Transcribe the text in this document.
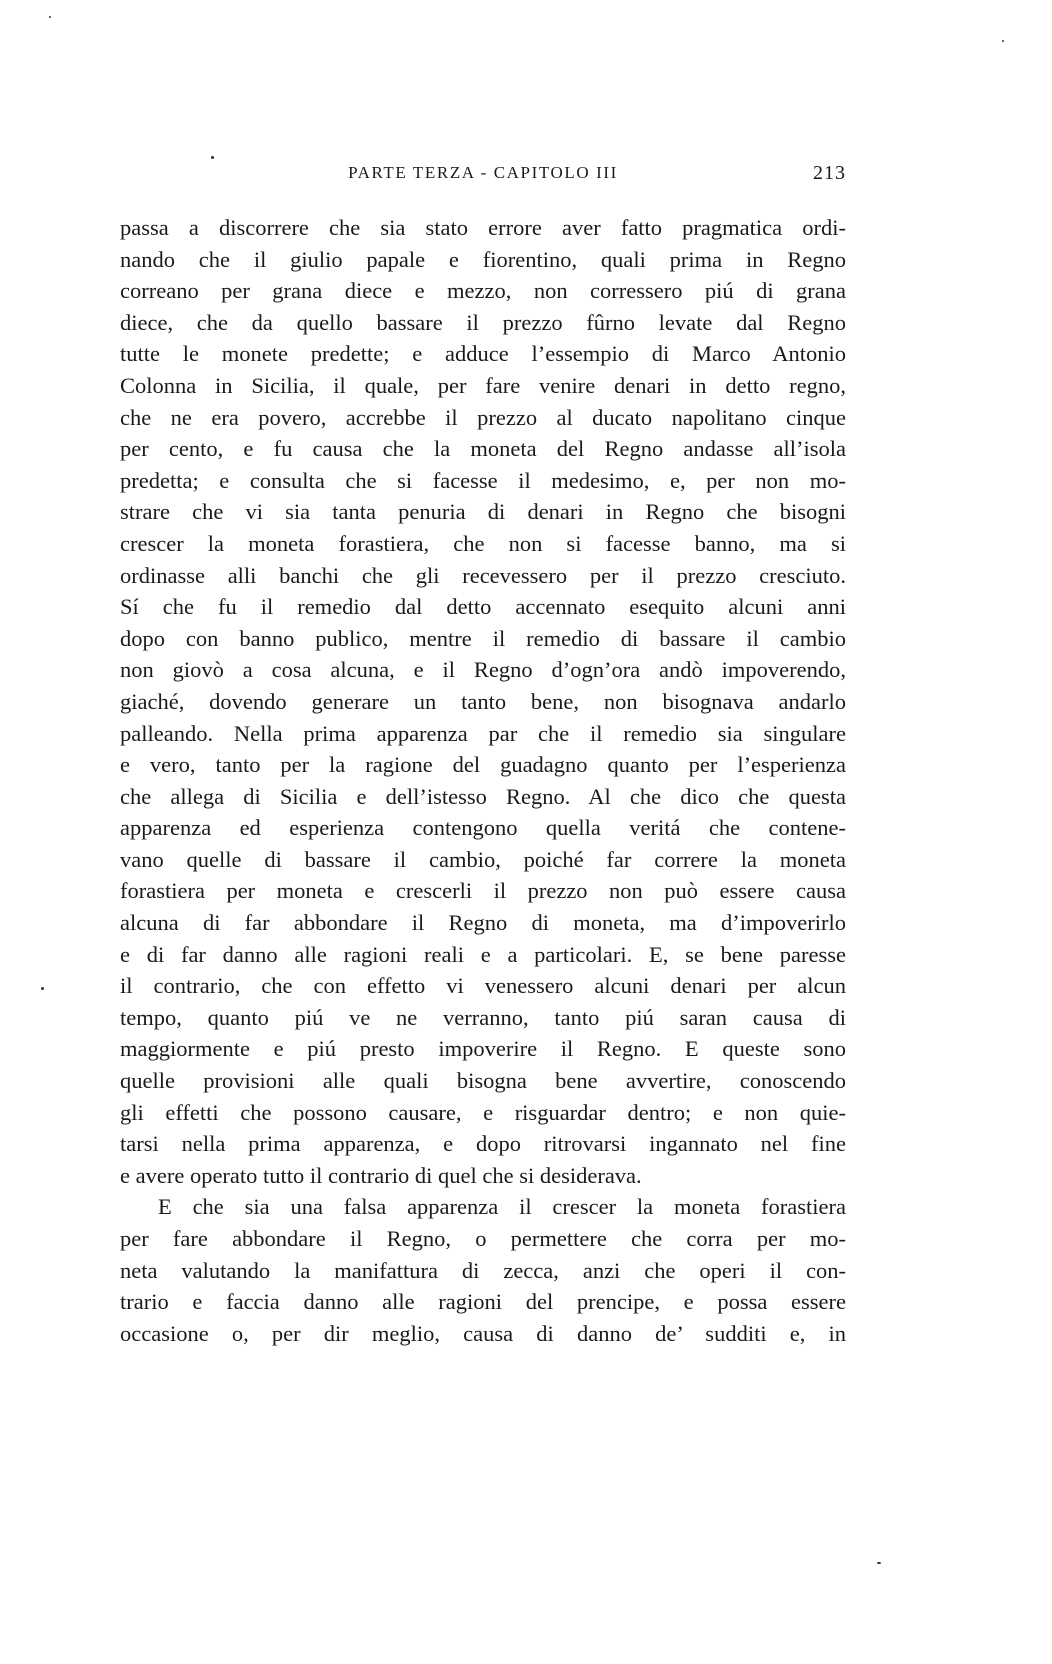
PARTE TERZA - CAPITOLO III	213
passa a discorrere che sia stato errore aver fatto pragmatica ordi-
nando che il giulio papale e fiorentino, quali prima in Regno
correano per grana diece e mezzo, non corressero piú di grana
diece, che da quello bassare il prezzo fûrno levate dal Regno
tutte le monete predette; e adduce l’essempio di Marco Antonio
Colonna in Sicilia, il quale, per fare venire denari in detto regno,
che ne era povero, accrebbe il prezzo al ducato napolitano cinque
per cento, e fu causa che la moneta del Regno andasse all’isola
predetta; e consulta che si facesse il medesimo, e, per non mo-
strare che vi sia tanta penuria di denari in Regno che bisogni
crescer la moneta forastiera, che non si facesse banno, ma si
ordinasse alli banchi che gli recevessero per il prezzo cresciuto.
Sí che fu il remedio dal detto accennato esequito alcuni anni
dopo con banno publico, mentre il remedio di bassare il cambio
non giovò a cosa alcuna, e il Regno d’ogn’ora andò impoverendo,
giaché, dovendo generare un tanto bene, non bisognava andarlo
palleando. Nella prima apparenza par che il remedio sia singulare
e vero, tanto per la ragione del guadagno quanto per l’esperienza
che allega di Sicilia e dell’istesso Regno. Al che dico che questa
apparenza ed esperienza contengono quella veritá che contene-
vano quelle di bassare il cambio, poiché far correre la moneta
forastiera per moneta e crescerli il prezzo non può essere causa
alcuna di far abbondare il Regno di moneta, ma d’impoverirlo
e di far danno alle ragioni reali e a particolari. E, se bene paresse
il contrario, che con effetto vi venessero alcuni denari per alcun
tempo, quanto piú ve ne verranno, tanto piú saran causa di
maggiormente e piú presto impoverire il Regno. E queste sono
quelle provisioni alle quali bisogna bene avvertire, conoscendo
gli effetti che possono causare, e risguardar dentro; e non quie-
tarsi nella prima apparenza, e dopo ritrovarsi ingannato nel fine
e avere operato tutto il contrario di quel che si desiderava.
E che sia una falsa apparenza il crescer la moneta forastiera
per fare abbondare il Regno, o permettere che corra per mo-
neta valutando la manifattura di zecca, anzi che operi il con-
trario e faccia danno alle ragioni del prencipe, e possa essere
occasione o, per dir meglio, causa di danno de’ sudditi e, in
